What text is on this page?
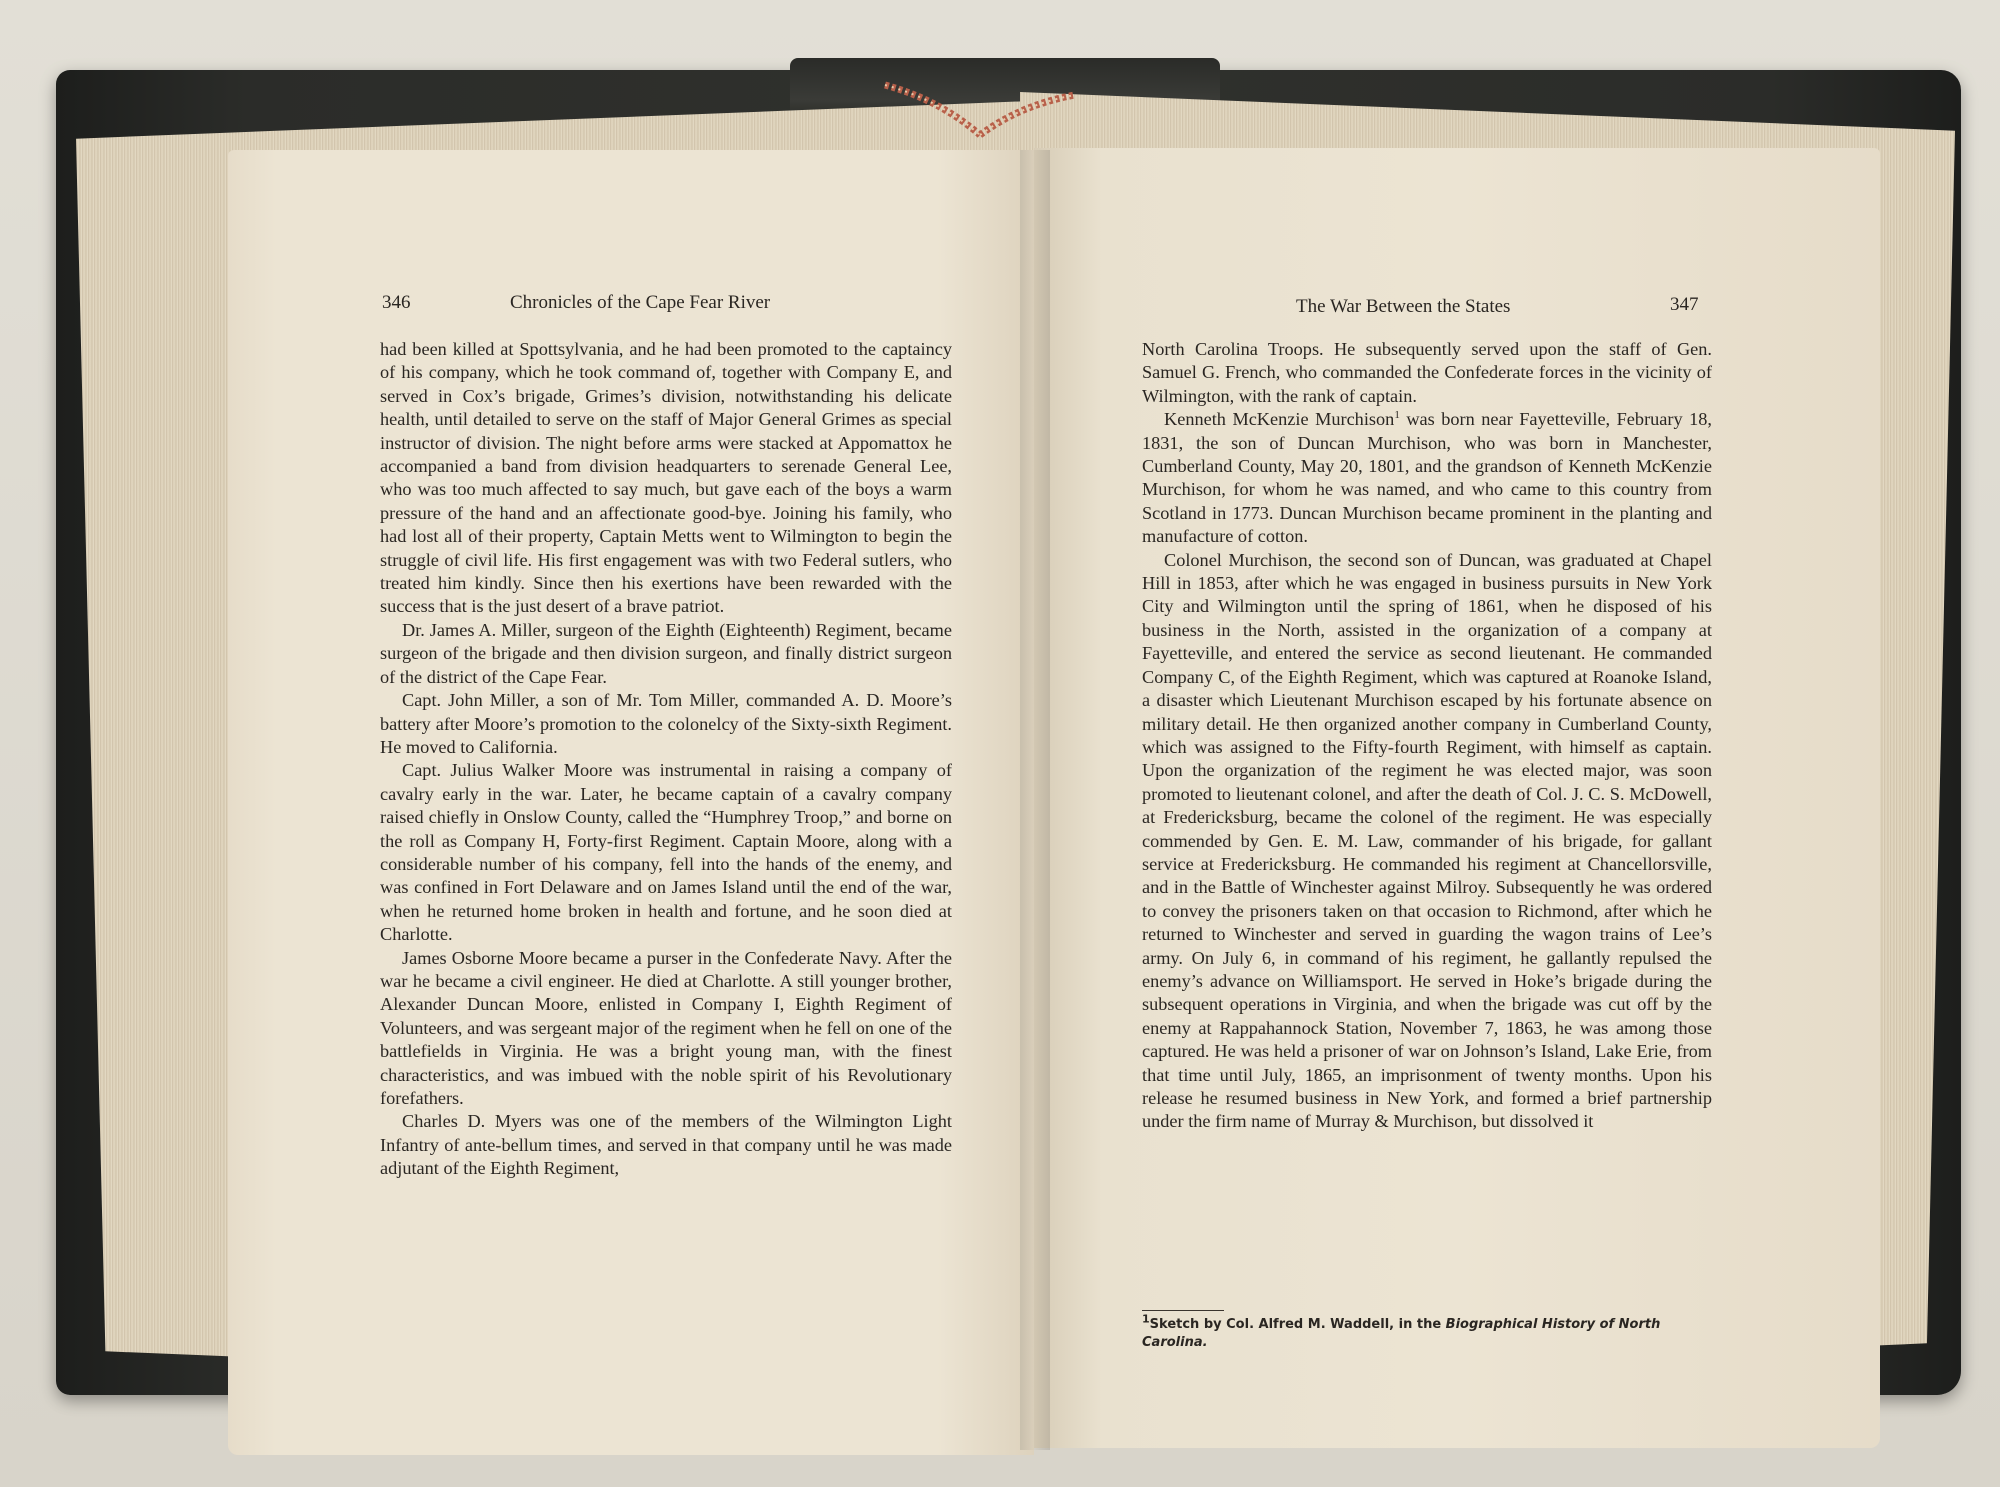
346	Chronicles of the Cape Fear River

had been killed at Spottsylvania, and he had been promoted to the captaincy of his company, which he took command of, together with Company E, and served in Cox’s brigade, Grimes’s division, notwithstanding his delicate health, until detailed to serve on the staff of Major General Grimes as special instructor of division. The night before arms were stacked at Appomattox he accompanied a band from division headquarters to serenade General Lee, who was too much affected to say much, but gave each of the boys a warm pressure of the hand and an affectionate good-bye. Joining his family, who had lost all of their property, Captain Metts went to Wilmington to begin the struggle of civil life. His first engagement was with two Federal sutlers, who treated him kindly. Since then his exertions have been rewarded with the success that is the just desert of a brave patriot.

Dr. James A. Miller, surgeon of the Eighth (Eighteenth) Regiment, became surgeon of the brigade and then division surgeon, and finally district surgeon of the district of the Cape Fear.

Capt. John Miller, a son of Mr. Tom Miller, commanded A. D. Moore’s battery after Moore’s promotion to the colonelcy of the Sixty-sixth Regiment. He moved to California.

Capt. Julius Walker Moore was instrumental in raising a company of cavalry early in the war. Later, he became captain of a cavalry company raised chiefly in Onslow County, called the “Humphrey Troop,” and borne on the roll as Company H, Forty-first Regiment. Captain Moore, along with a considerable number of his company, fell into the hands of the enemy, and was confined in Fort Delaware and on James Island until the end of the war, when he returned home broken in health and fortune, and he soon died at Charlotte.

James Osborne Moore became a purser in the Confederate Navy. After the war he became a civil engineer. He died at Charlotte. A still younger brother, Alexander Duncan Moore, enlisted in Company I, Eighth Regiment of Volunteers, and was sergeant major of the regiment when he fell on one of the battlefields in Virginia. He was a bright young man, with the finest characteristics, and was imbued with the noble spirit of his Revolutionary forefathers.

Charles D. Myers was one of the members of the Wilmington Light Infantry of ante-bellum times, and served in that company until he was made adjutant of the Eighth Regiment,

The War Between the States	347

North Carolina Troops. He subsequently served upon the staff of Gen. Samuel G. French, who commanded the Confederate forces in the vicinity of Wilmington, with the rank of captain.

Kenneth McKenzie Murchison$^1$ was born near Fayetteville, February 18, 1831, the son of Duncan Murchison, who was born in Manchester, Cumberland County, May 20, 1801, and the grandson of Kenneth McKenzie Murchison, for whom he was named, and who came to this country from Scotland in 1773. Duncan Murchison became prominent in the planting and manufacture of cotton.

Colonel Murchison, the second son of Duncan, was graduated at Chapel Hill in 1853, after which he was engaged in business pursuits in New York City and Wilmington until the spring of 1861, when he disposed of his business in the North, assisted in the organization of a company at Fayetteville, and entered the service as second lieutenant. He commanded Company C, of the Eighth Regiment, which was captured at Roanoke Island, a disaster which Lieutenant Murchison escaped by his fortunate absence on military detail. He then organized another company in Cumberland County, which was assigned to the Fifty-fourth Regiment, with himself as captain. Upon the organization of the regiment he was elected major, was soon promoted to lieutenant colonel, and after the death of Col. J. C. S. McDowell, at Fredericksburg, became the colonel of the regiment. He was especially commended by Gen. E. M. Law, commander of his brigade, for gallant service at Fredericksburg. He commanded his regiment at Chancellorsville, and in the Battle of Winchester against Milroy. Subsequently he was ordered to convey the prisoners taken on that occasion to Richmond, after which he returned to Winchester and served in guarding the wagon trains of Lee’s army. On July 6, in command of his regiment, he gallantly repulsed the enemy’s advance on Williamsport. He served in Hoke’s brigade during the subsequent operations in Virginia, and when the brigade was cut off by the enemy at Rappahannock Station, November 7, 1863, he was among those captured. He was held a prisoner of war on Johnson’s Island, Lake Erie, from that time until July, 1865, an imprisonment of twenty months. Upon his release he resumed business in New York, and formed a brief partnership under the firm name of Murray & Murchison, but dissolved it

$^1$Sketch by Col. Alfred M. Waddell, in the Biographical History of North Carolina.
